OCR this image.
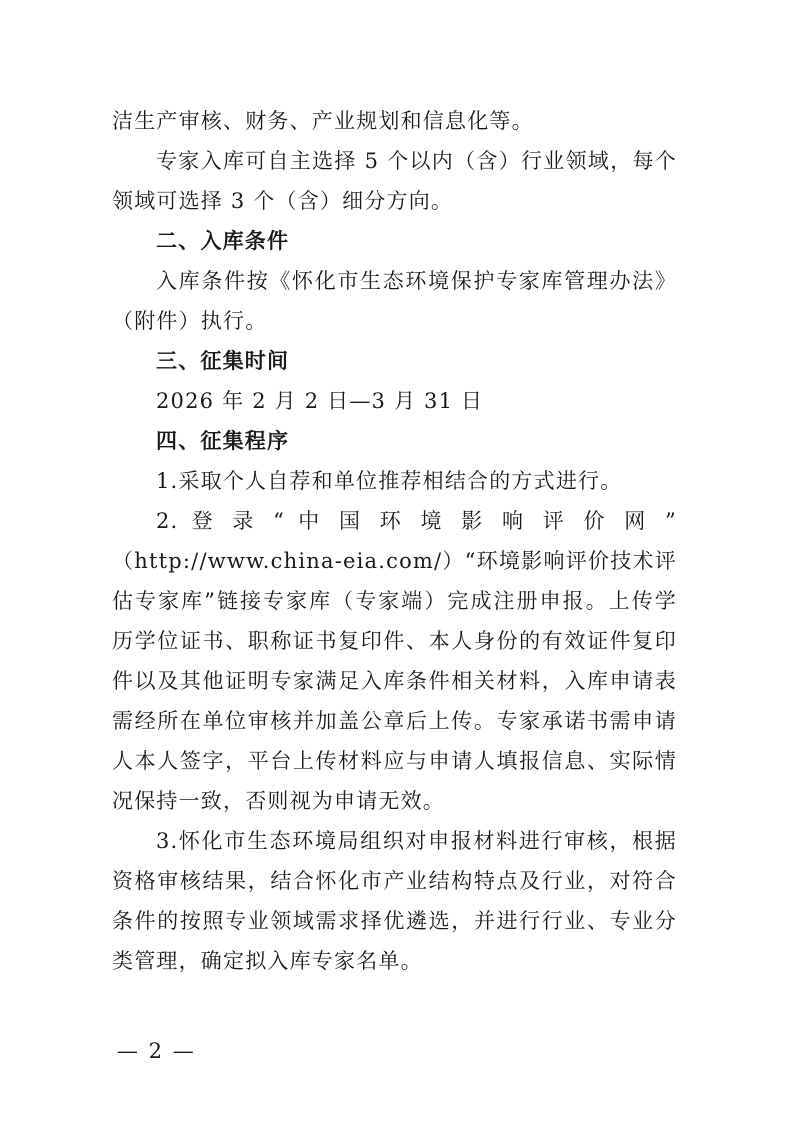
洁生产审核、财务、产业规划和信息化等。

专家入库可自主选择 5 个以内（含）行业领域，每个领域可选择 3 个（含）细分方向。

二、入库条件

入库条件按《怀化市生态环境保护专家库管理办法》（附件）执行。

三、征集时间

2026 年 2 月 2 日—3 月 31 日

四、征集程序

1.采取个人自荐和单位推荐相结合的方式进行。

2. 登 录 “ 中 国 环 境 影 响 评 价 网 ”

（http://www.china-eia.com/）“环境影响评价技术评估专家库”链接专家库（专家端）完成注册申报。上传学历学位证书、职称证书复印件、本人身份的有效证件复印件以及其他证明专家满足入库条件相关材料，入库申请表需经所在单位审核并加盖公章后上传。专家承诺书需申请人本人签字，平台上传材料应与申请人填报信息、实际情况保持一致，否则视为申请无效。

3.怀化市生态环境局组织对申报材料进行审核，根据资格审核结果，结合怀化市产业结构特点及行业，对符合条件的按照专业领域需求择优遴选，并进行行业、专业分类管理，确定拟入库专家名单。

— 2 —
